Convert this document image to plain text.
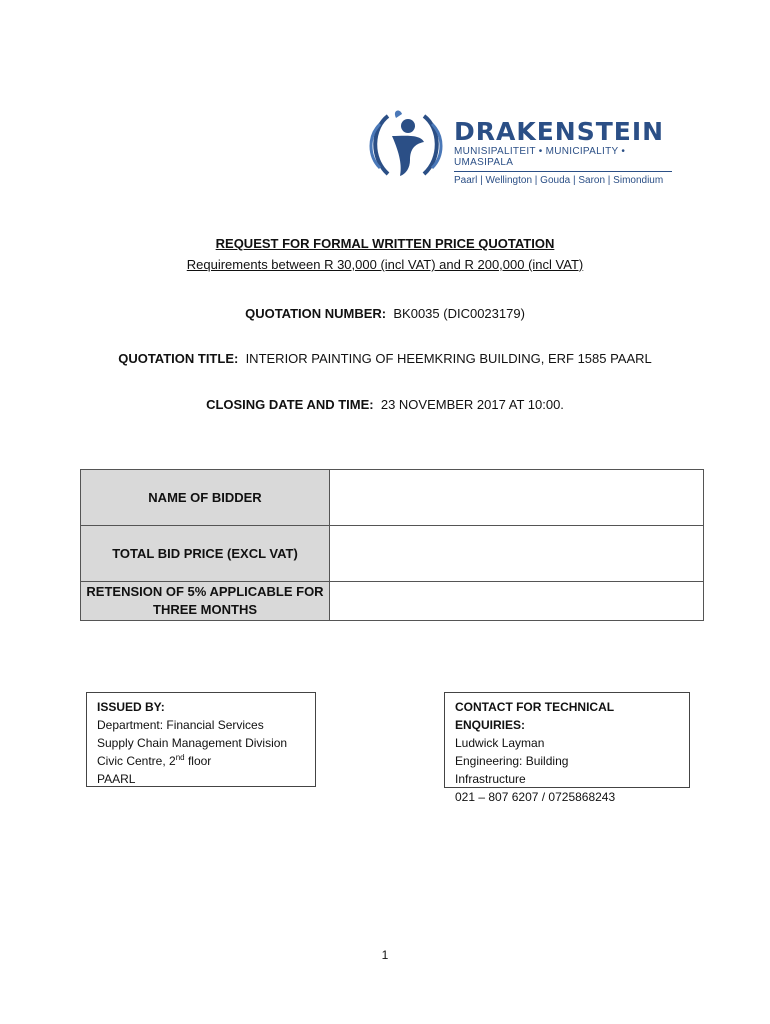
DRAKENSTEIN
MUNISIPALITEIT • MUNICIPALITY • UMASIPALA
Paarl | Wellington | Gouda | Saron | Simondium
REQUEST FOR FORMAL WRITTEN PRICE QUOTATION
Requirements between R 30,000 (incl VAT) and R 200,000 (incl VAT)
QUOTATION NUMBER: BK0035 (DIC0023179)
QUOTATION TITLE: INTERIOR PAINTING OF HEEMKRING BUILDING, ERF 1585 PAARL
CLOSING DATE AND TIME: 23 NOVEMBER 2017 AT 10:00.
NAME OF BIDDER	
TOTAL BID PRICE (EXCL VAT)	
RETENSION OF 5% APPLICABLE FOR THREE MONTHS	
ISSUED BY:
Department: Financial Services
Supply Chain Management Division
Civic Centre, 2nd floor
PAARL
CONTACT FOR TECHNICAL ENQUIRIES:
Ludwick Layman
Engineering: Building
Infrastructure
021 – 807 6207 / 0725868243
1
